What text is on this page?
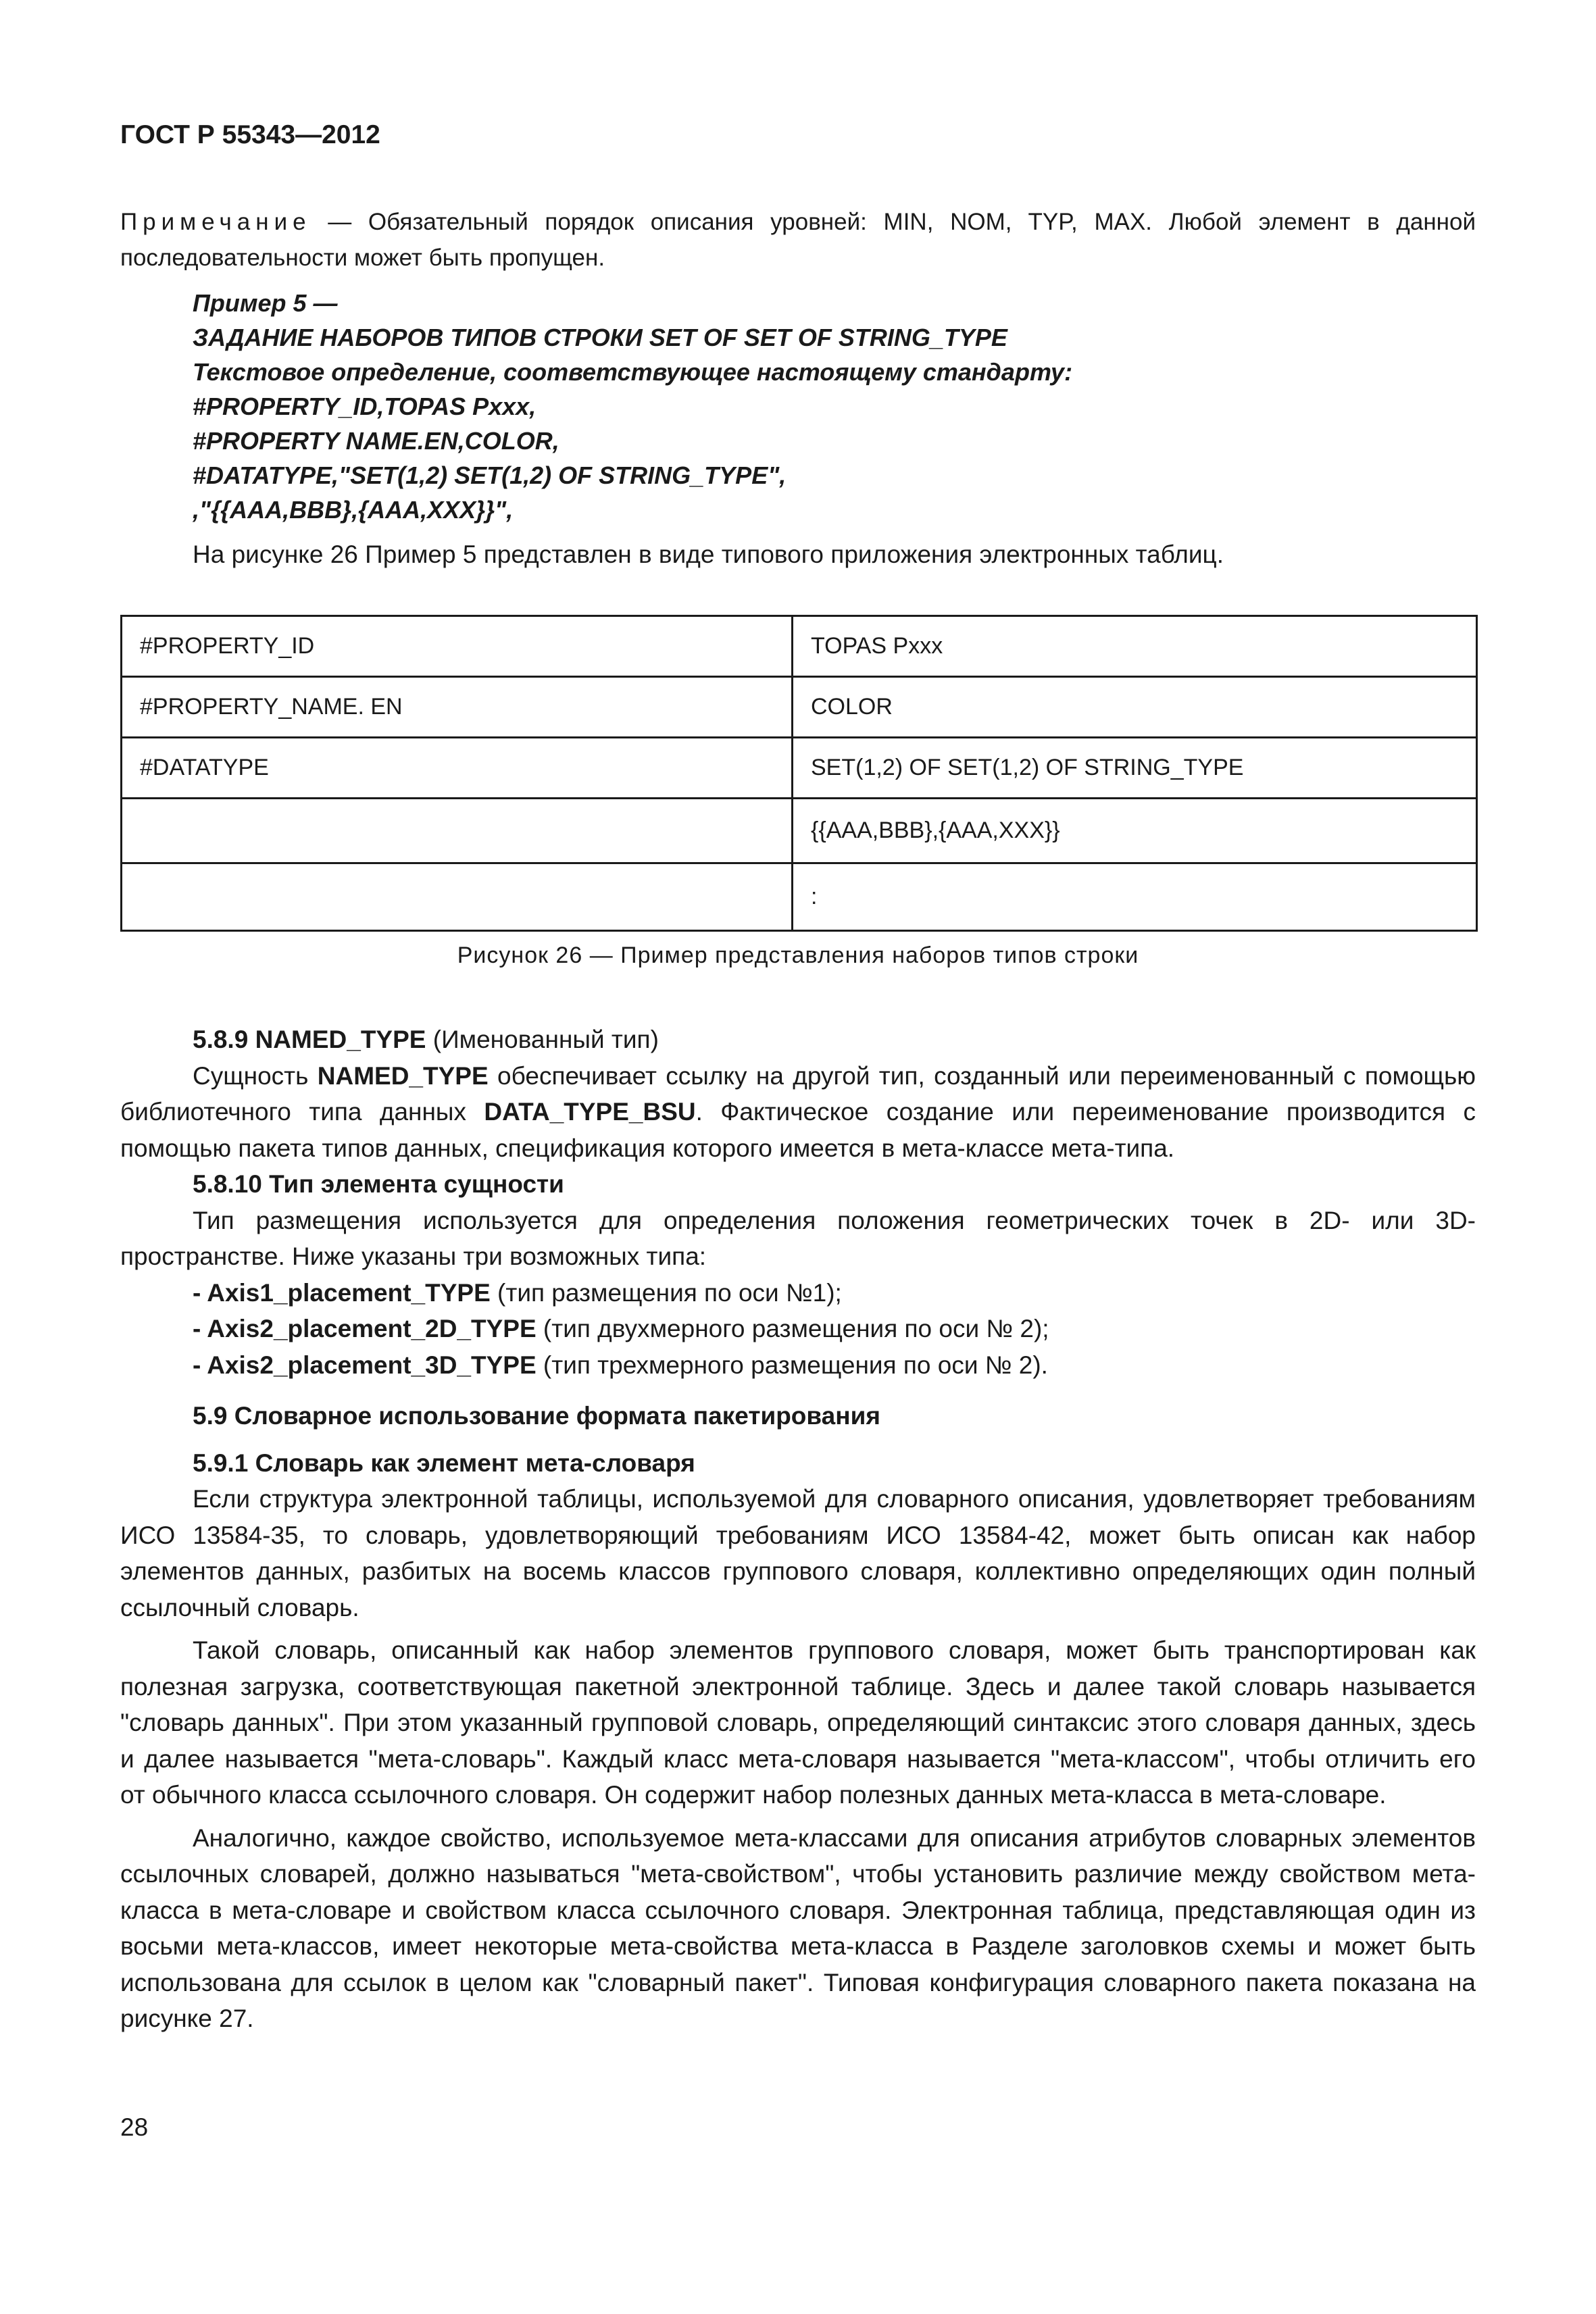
ГОСТ Р 55343—2012
Примечание — Обязательный порядок описания уровней: MIN, NOM, TYP, MAX. Любой элемент в данной последовательности может быть пропущен.
Пример 5 —
ЗАДАНИЕ НАБОРОВ ТИПОВ СТРОКИ SET OF SET OF STRING_TYPE
Текстовое определение, соответствующее настоящему стандарту:
#PROPERTY_ID,TOPAS Pxxx,
#PROPERTY NAME.EN,COLOR,
#DATATYPE,"SET(1,2) SET(1,2) OF STRING_TYPE",
,"{{AAA,BBB},{AAA,XXX}}",
На рисунке 26 Пример 5 представлен в виде типового приложения электронных таблиц.
#PROPERTY_ID	TOPAS Pxxx
#PROPERTY_NAME. EN	COLOR
#DATATYPE	SET(1,2) OF SET(1,2) OF STRING_TYPE
	{{AAA,BBB},{AAA,XXX}}
	:
Рисунок 26 — Пример представления наборов типов строки

5.8.9 NAMED_TYPE (Именованный тип)

Сущность NAMED_TYPE обеспечивает ссылку на другой тип, созданный или переименованный с помощью библиотечного типа данных DATA_TYPE_BSU. Фактическое создание или переименование производится с помощью пакета типов данных, спецификация которого имеется в мета-классе мета-типа.

5.8.10 Тип элемента сущности

Тип размещения используется для определения положения геометрических точек в 2D- или 3D-пространстве. Ниже указаны три возможных типа:

- Axis1_placement_TYPE (тип размещения по оси №1);

- Axis2_placement_2D_TYPE (тип двухмерного размещения по оси № 2);

- Axis2_placement_3D_TYPE (тип трехмерного размещения по оси № 2).

5.9 Словарное использование формата пакетирования

5.9.1 Словарь как элемент мета-словаря

Если структура электронной таблицы, используемой для словарного описания, удовлетворяет требованиям ИСО 13584-35, то словарь, удовлетворяющий требованиям ИСО 13584-42, может быть описан как набор элементов данных, разбитых на восемь классов группового словаря, коллективно определяющих один полный ссылочный словарь.

Такой словарь, описанный как набор элементов группового словаря, может быть транспортирован как полезная загрузка, соответствующая пакетной электронной таблице. Здесь и далее такой словарь называется "словарь данных". При этом указанный групповой словарь, определяющий синтаксис этого словаря данных, здесь и далее называется "мета-словарь". Каждый класс мета-словаря называется "мета-классом", чтобы отличить его от обычного класса ссылочного словаря. Он содержит набор полезных данных мета-класса в мета-словаре.

Аналогично, каждое свойство, используемое мета-классами для описания атрибутов словарных элементов ссылочных словарей, должно называться "мета-свойством", чтобы установить различие между свойством мета-класса в мета-словаре и свойством класса ссылочного словаря. Электронная таблица, представляющая один из восьми мета-классов, имеет некоторые мета-свойства мета-класса в Разделе заголовков схемы и может быть использована для ссылок в целом как "словарный пакет". Типовая конфигурация словарного пакета показана на рисунке 27.

28
